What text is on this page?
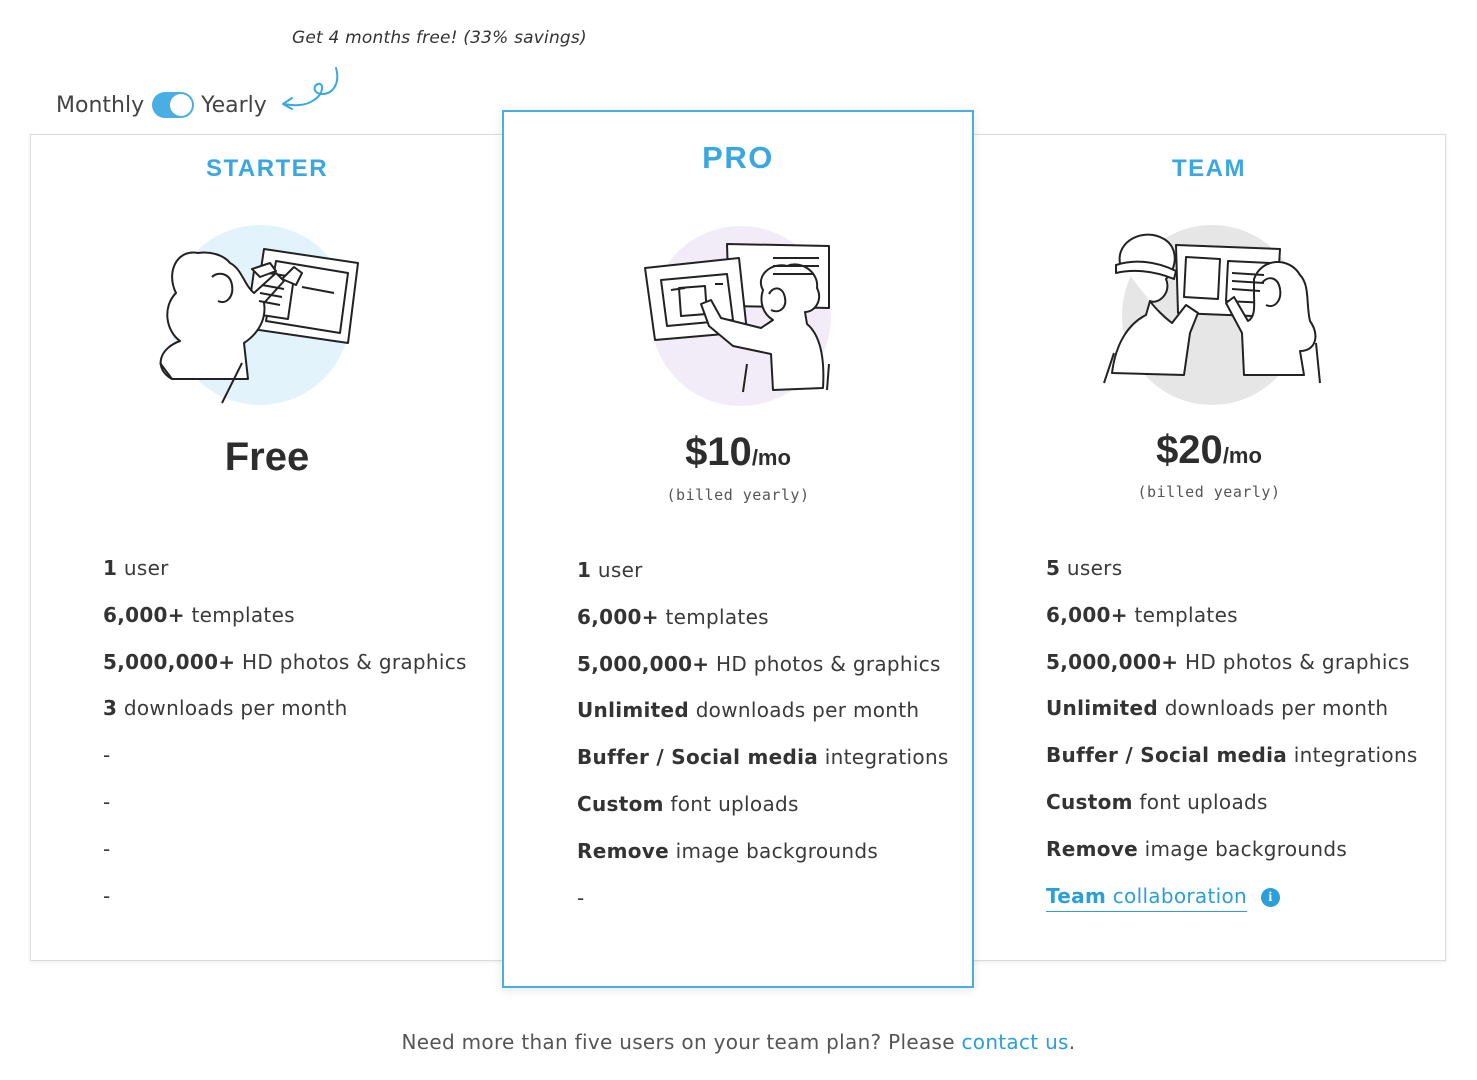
Get 4 months free! (33% savings)
Monthly	Yearly
STARTER
Free
1 user
6,000+ templates
5,000,000+ HD photos & graphics
3 downloads per month
-
-
-
-
TEAM
$20/mo
(billed yearly)
5 users
6,000+ templates
5,000,000+ HD photos & graphics
Unlimited downloads per month
Buffer / Social media integrations
Custom font uploads
Remove image backgrounds
Team collaboration i
PRO
$10/mo
(billed yearly)
1 user
6,000+ templates
5,000,000+ HD photos & graphics
Unlimited downloads per month
Buffer / Social media integrations
Custom font uploads
Remove image backgrounds
-
Need more than five users on your team plan? Please contact us.
